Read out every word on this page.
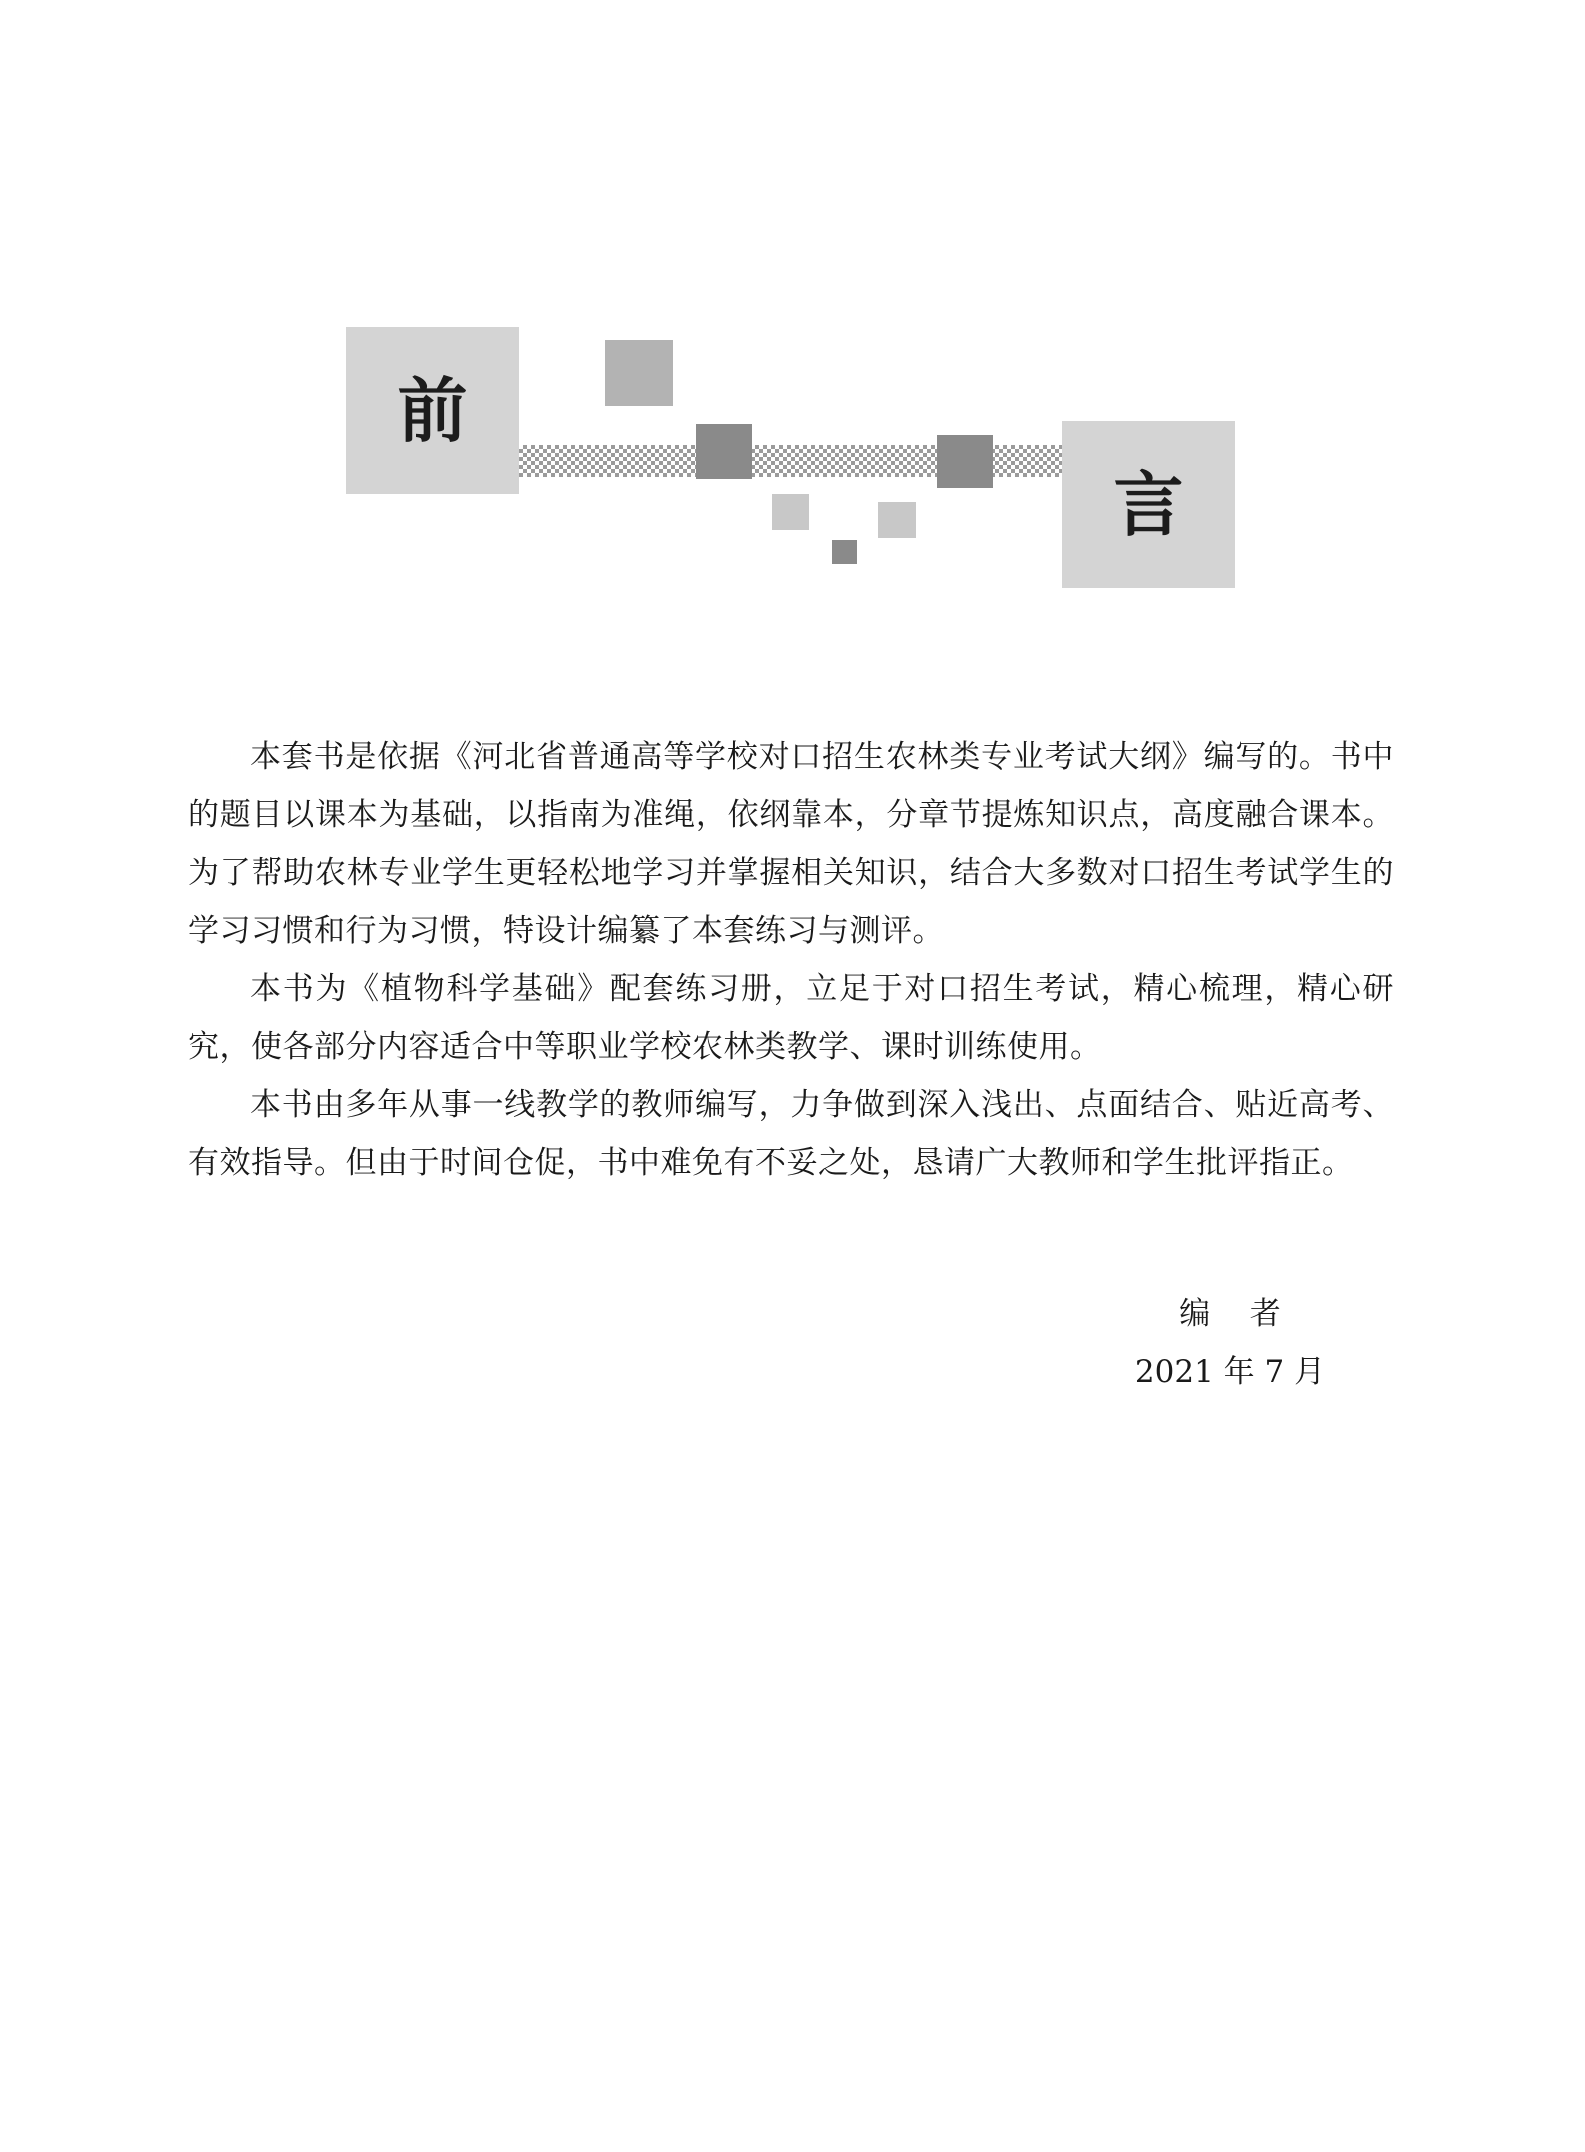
前
言

本套书是依据《河北省普通高等学校对口招生农林类专业考试大纲》编写的。书中的题目以课本为基础，以指南为准绳，依纲靠本，分章节提炼知识点，高度融合课本。为了帮助农林专业学生更轻松地学习并掌握相关知识，结合大多数对口招生考试学生的学习习惯和行为习惯，特设计编纂了本套练习与测评。

本书为《植物科学基础》配套练习册，立足于对口招生考试，精心梳理，精心研究，使各部分内容适合中等职业学校农林类教学、课时训练使用。

本书由多年从事一线教学的教师编写，力争做到深入浅出、点面结合、贴近高考、有效指导。但由于时间仓促，书中难免有不妥之处，恳请广大教师和学生批评指正。

编    者
2021 年 7 月
